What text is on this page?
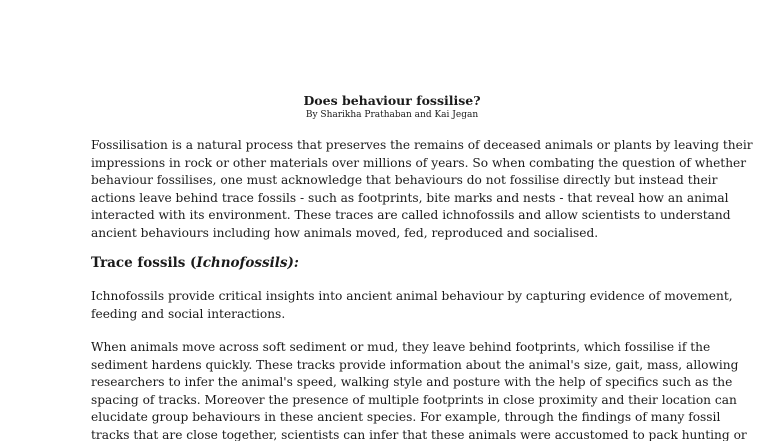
Does behaviour fossilise?
By Sharikha Prathaban and Kai Jegan
Fossilisation is a natural process that preserves the remains of deceased animals or plants by leaving their
impressions in rock or other materials over millions of years. So when combating the question of whether
behaviour fossilises, one must acknowledge that behaviours do not fossilise directly but instead their
actions leave behind trace fossils - such as footprints, bite marks and nests - that reveal how an animal
interacted with its environment. These traces are called ichnofossils and allow scientists to understand
ancient behaviours including how animals moved, fed, reproduced and socialised.
Trace fossils (Ichnofossils):
Ichnofossils provide critical insights into ancient animal behaviour by capturing evidence of movement,
feeding and social interactions.
When animals move across soft sediment or mud, they leave behind footprints, which fossilise if the
sediment hardens quickly. These tracks provide information about the animal's size, gait, mass, allowing
researchers to infer the animal's speed, walking style and posture with the help of specifics such as the
spacing of tracks. Moreover the presence of multiple footprints in close proximity and their location can
elucidate group behaviours in these ancient species. For example, through the findings of many fossil
tracks that are close together, scientists can infer that these animals were accustomed to pack hunting or
